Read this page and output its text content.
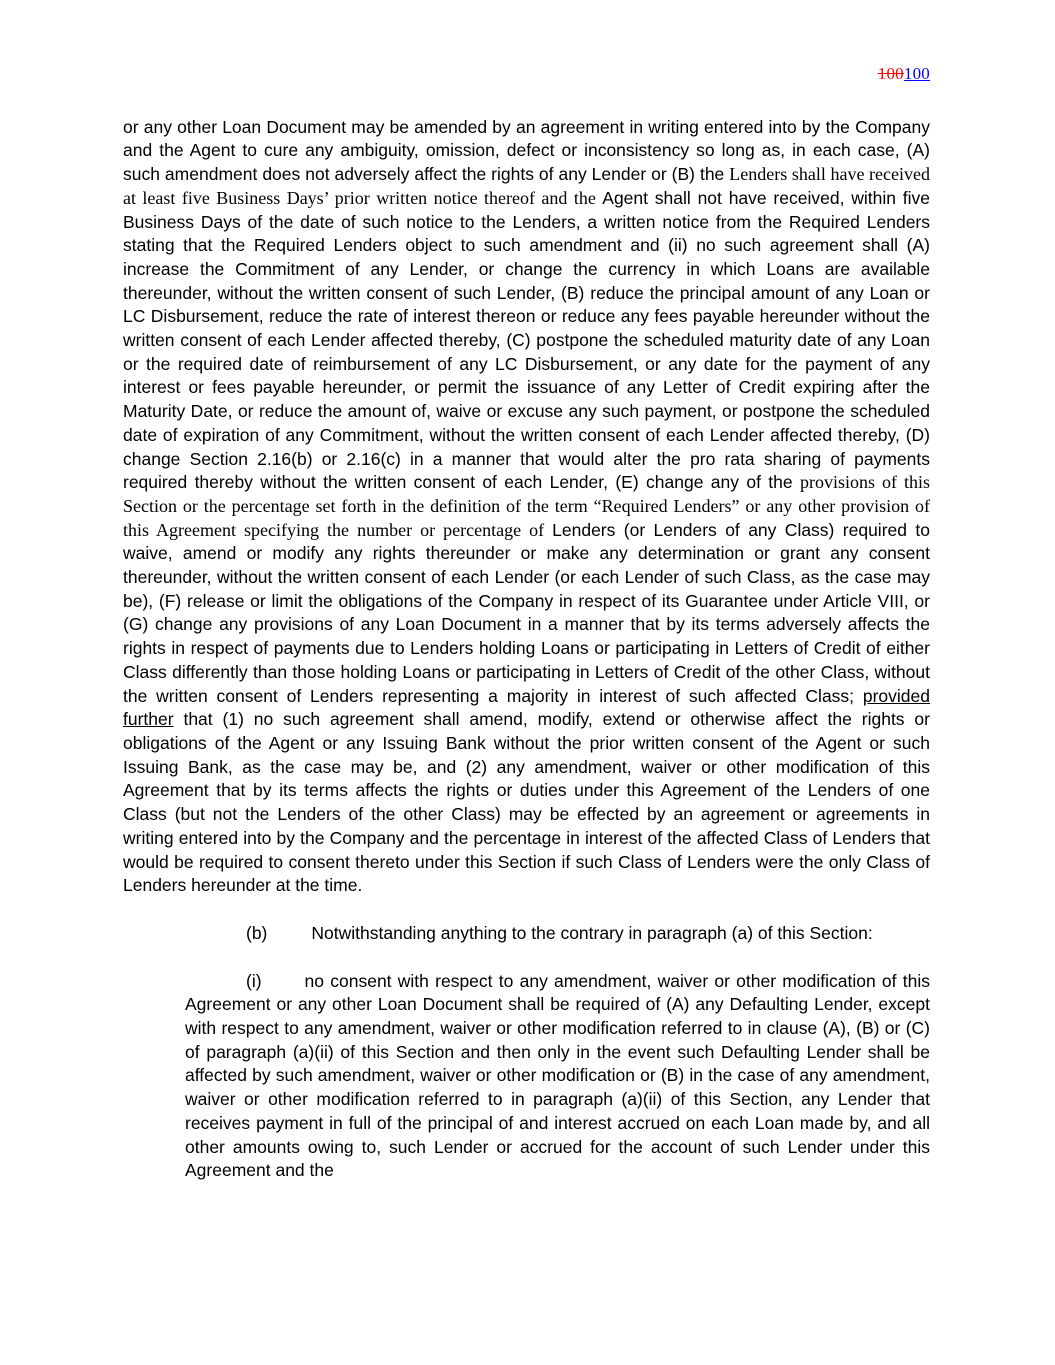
100100

or any other Loan Document may be amended by an agreement in writing entered into by the Company and the Agent to cure any ambiguity, omission, defect or inconsistency so long as, in each case, (A) such amendment does not adversely affect the rights of any Lender or (B) the Lenders shall have received at least five Business Days’ prior written notice thereof and the Agent shall not have received, within five Business Days of the date of such notice to the Lenders, a written notice from the Required Lenders stating that the Required Lenders object to such amendment and (ii) no such agreement shall (A) increase the Commitment of any Lender, or change the currency in which Loans are available thereunder, without the written consent of such Lender, (B) reduce the principal amount of any Loan or LC Disbursement, reduce the rate of interest thereon or reduce any fees payable hereunder without the written consent of each Lender affected thereby, (C) postpone the scheduled maturity date of any Loan or the required date of reimbursement of any LC Disbursement, or any date for the payment of any interest or fees payable hereunder, or permit the issuance of any Letter of Credit expiring after the Maturity Date, or reduce the amount of, waive or excuse any such payment, or postpone the scheduled date of expiration of any Commitment, without the written consent of each Lender affected thereby, (D) change Section 2.16(b) or 2.16(c) in a manner that would alter the pro rata sharing of payments required thereby without the written consent of each Lender, (E) change any of the provisions of this Section or the percentage set forth in the definition of the term “Required Lenders” or any other provision of this Agreement specifying the number or percentage of Lenders (or Lenders of any Class) required to waive, amend or modify any rights thereunder or make any determination or grant any consent thereunder, without the written consent of each Lender (or each Lender of such Class, as the case may be), (F) release or limit the obligations of the Company in respect of its Guarantee under Article VIII, or (G) change any provisions of any Loan Document in a manner that by its terms adversely affects the rights in respect of payments due to Lenders holding Loans or participating in Letters of Credit of either Class differently than those holding Loans or participating in Letters of Credit of the other Class, without the written consent of Lenders representing a majority in interest of such affected Class; provided further that (1) no such agreement shall amend, modify, extend or otherwise affect the rights or obligations of the Agent or any Issuing Bank without the prior written consent of the Agent or such Issuing Bank, as the case may be, and (2) any amendment, waiver or other modification of this Agreement that by its terms affects the rights or duties under this Agreement of the Lenders of one Class (but not the Lenders of the other Class) may be effected by an agreement or agreements in writing entered into by the Company and the percentage in interest of the affected Class of Lenders that would be required to consent thereto under this Section if such Class of Lenders were the only Class of Lenders hereunder at the time.

(b)	Notwithstanding anything to the contrary in paragraph (a) of this Section:

(i) no consent with respect to any amendment, waiver or other modification of this Agreement or any other Loan Document shall be required of (A) any Defaulting Lender, except with respect to any amendment, waiver or other modification referred to in clause (A), (B) or (C) of paragraph (a)(ii) of this Section and then only in the event such Defaulting Lender shall be affected by such amendment, waiver or other modification or (B) in the case of any amendment, waiver or other modification referred to in paragraph (a)(ii) of this Section, any Lender that receives payment in full of the principal of and interest accrued on each Loan made by, and all other amounts owing to, such Lender or accrued for the account of such Lender under this Agreement and the
